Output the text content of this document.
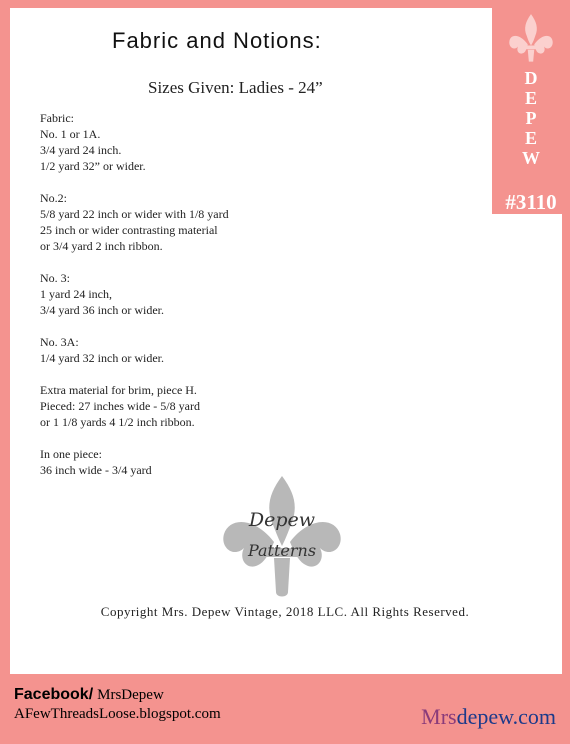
D
E
P
E
W
#3110
Fabric and Notions:
Sizes Given: Ladies - 24”
Fabric:
No. 1 or 1A.
3/4 yard 24 inch.
1/2 yard 32” or wider.
No.2:
5/8 yard 22 inch or wider with 1/8 yard
25 inch or wider contrasting material
or 3/4 yard 2 inch ribbon.
No. 3:
1 yard 24 inch,
3/4 yard 36 inch or wider.
No. 3A:
1/4 yard 32 inch or wider.
Extra material for brim, piece H.
Pieced: 27 inches wide - 5/8 yard
or 1 1/8 yards 4 1/2 inch ribbon.
In one piece:
36 inch wide - 3/4 yard
Depew
Patterns
Copyright Mrs. Depew Vintage, 2018 LLC. All Rights Reserved.
Facebook/ MrsDepew
AFewThreadsLoose.blogspot.com	Mrsdepew.com
